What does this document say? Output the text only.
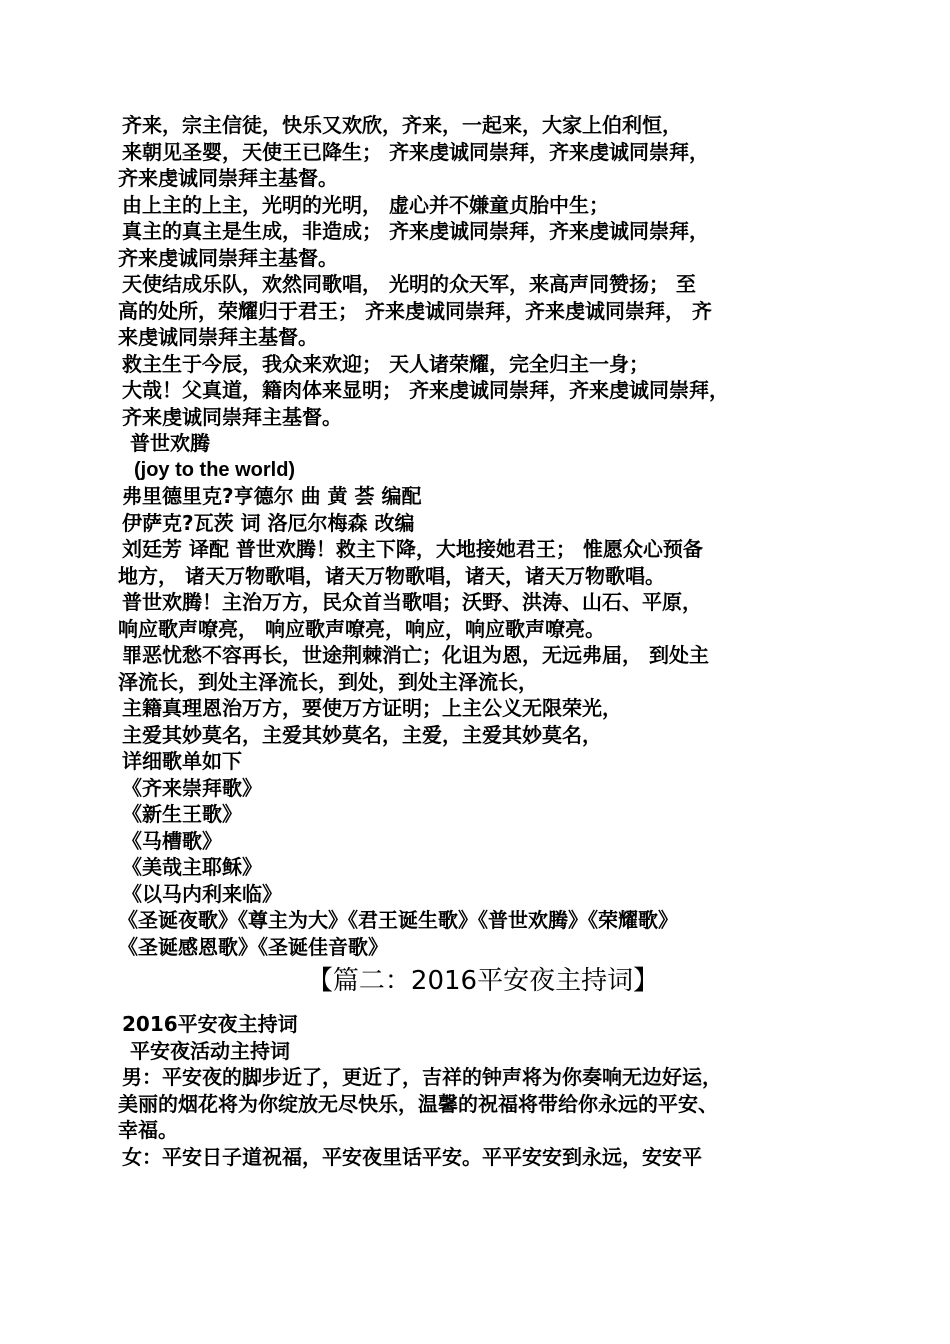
齐来，宗主信徒，快乐又欢欣，齐来，一起来，大家上伯利恒，
来朝见圣婴，天使王已降生； 齐来虔诚同崇拜，齐来虔诚同崇拜，
齐来虔诚同崇拜主基督。
由上主的上主，光明的光明， 虚心并不嫌童贞胎中生；
真主的真主是生成，非造成； 齐来虔诚同崇拜，齐来虔诚同崇拜，
齐来虔诚同崇拜主基督。
天使结成乐队，欢然同歌唱， 光明的众天军，来高声同赞扬； 至
高的处所，荣耀归于君王； 齐来虔诚同崇拜，齐来虔诚同崇拜， 齐
来虔诚同崇拜主基督。
救主生于今辰，我众来欢迎； 天人诸荣耀，完全归主一身；
大哉！父真道，籍肉体来显明； 齐来虔诚同崇拜，齐来虔诚同崇拜，
齐来虔诚同崇拜主基督。
普世欢腾
(joy to the world)
弗里德里克?亨德尔 曲 黄 荟 编配
伊萨克?瓦茨 词 洛厄尔梅森 改编
刘廷芳 译配 普世欢腾！救主下降，大地接她君王； 惟愿众心预备
地方， 诸天万物歌唱，诸天万物歌唱，诸天，诸天万物歌唱。
普世欢腾！主治万方，民众首当歌唱；沃野、洪涛、山石、平原，
响应歌声嘹亮， 响应歌声嘹亮，响应，响应歌声嘹亮。
罪恶忧愁不容再长，世途荆棘消亡；化诅为恩，无远弗届， 到处主
泽流长，到处主泽流长，到处，到处主泽流长，
主籍真理恩治万方，要使万方证明；上主公义无限荣光，
主爱其妙莫名，主爱其妙莫名，主爱，主爱其妙莫名，
详细歌单如下
《齐来崇拜歌》
《新生王歌》
《马槽歌》
《美哉主耶稣》
《以马内利来临》
《圣诞夜歌》《尊主为大》《君王诞生歌》《普世欢腾》《荣耀歌》
《圣诞感恩歌》《圣诞佳音歌》
【篇二：2016平安夜主持词】
2016平安夜主持词
平安夜活动主持词
男：平安夜的脚步近了，更近了，吉祥的钟声将为你奏响无边好运，
美丽的烟花将为你绽放无尽快乐，温馨的祝福将带给你永远的平安、
幸福。
女：平安日子道祝福，平安夜里话平安。平平安安到永远，安安平
